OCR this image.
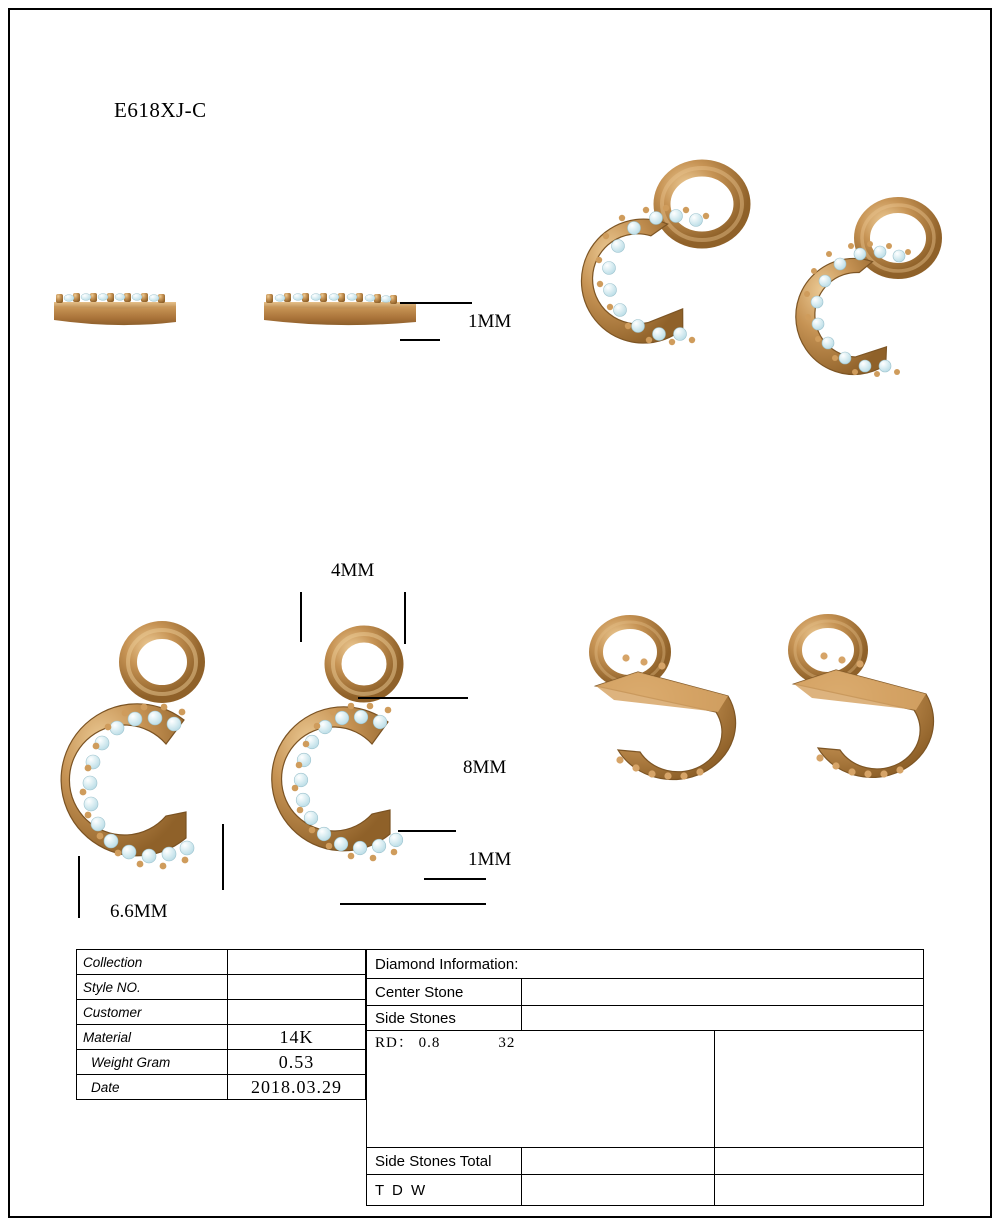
E618XJ-C
1MM
6.6MM
4MM
8MM
1MM
Collection	
Style NO.	
Customer	
Material	14K
Weight Gram	0.53
Date	2018.03.29
Diamond Information:		
Center Stone		
Side Stones		
RD： 0.8 32		
Side Stones Total		
T D W		
